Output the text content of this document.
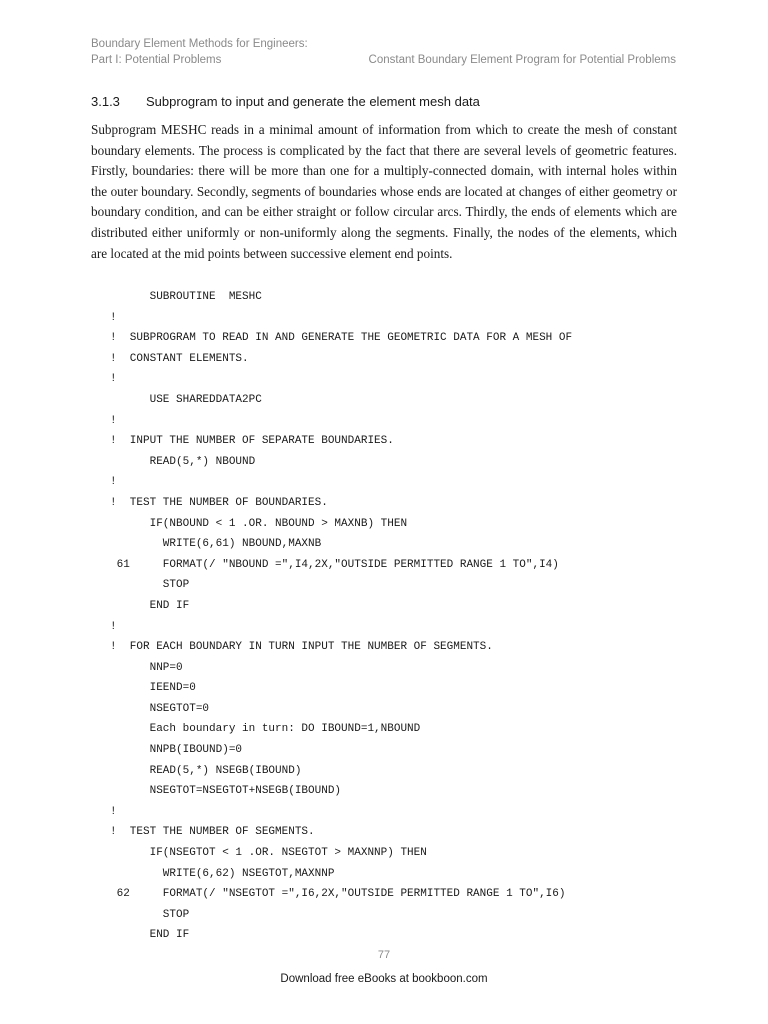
Boundary Element Methods for Engineers:
Part I: Potential Problems	Constant Boundary Element Program for Potential Problems
3.1.3 Subprogram to input and generate the element mesh data
Subprogram MESHC reads in a minimal amount of information from which to create the mesh of constant boundary elements. The process is complicated by the fact that there are several levels of geometric features. Firstly, boundaries: there will be more than one for a multiply-connected domain, with internal holes within the outer boundary. Secondly, segments of boundaries whose ends are located at changes of either geometry or boundary condition, and can be either straight or follow circular arcs. Thirdly, the ends of elements which are distributed either uniformly or non-uniformly along the segments. Finally, the nodes of the elements, which are located at the mid points between successive element end points.
SUBROUTINE  MESHC
!
!  SUBPROGRAM TO READ IN AND GENERATE THE GEOMETRIC DATA FOR A MESH OF
!  CONSTANT ELEMENTS.
!
USE SHAREDDATA2PC
!
!  INPUT THE NUMBER OF SEPARATE BOUNDARIES.
READ(5,*) NBOUND
!
!  TEST THE NUMBER OF BOUNDARIES.
IF(NBOUND < 1 .OR. NBOUND > MAXNB) THEN
WRITE(6,61) NBOUND,MAXNB
61     FORMAT(/ "NBOUND =",I4,2X,"OUTSIDE PERMITTED RANGE 1 TO",I4)
STOP
END IF
!
!  FOR EACH BOUNDARY IN TURN INPUT THE NUMBER OF SEGMENTS.
NNP=0
IEEND=0
NSEGTOT=0
Each boundary in turn: DO IBOUND=1,NBOUND
NNPB(IBOUND)=0
READ(5,*) NSEGB(IBOUND)
NSEGTOT=NSEGTOT+NSEGB(IBOUND)
!
!  TEST THE NUMBER OF SEGMENTS.
IF(NSEGTOT < 1 .OR. NSEGTOT > MAXNNP) THEN
WRITE(6,62) NSEGTOT,MAXNNP
62     FORMAT(/ "NSEGTOT =",I6,2X,"OUTSIDE PERMITTED RANGE 1 TO",I6)
STOP
END IF
77
Download free eBooks at bookboon.com
